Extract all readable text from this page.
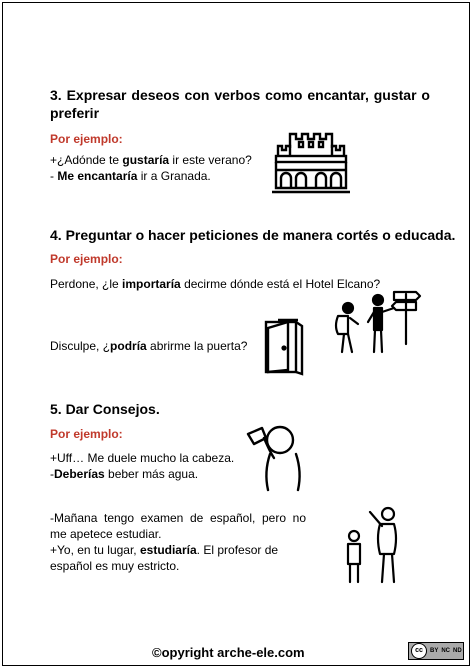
3. Expresar deseos con verbos como encantar, gustar o preferir
Por ejemplo:
+¿Adónde te gustaría ir este verano?
- Me encantaría ir a Granada.
4. Preguntar o hacer peticiones de manera cortés o educada.
Por ejemplo:
Perdone, ¿le importaría decirme dónde está el Hotel Elcano?
Disculpe, ¿podría abrirme la puerta?
5. Dar Consejos.
Por ejemplo:
+Uff… Me duele mucho la cabeza.
-Deberías beber más agua.
-Mañana tengo examen de español, pero no me apetece estudiar.
+Yo, en tu lugar, estudiaría. El profesor de español es muy estricto.
©opyright arche-ele.com	cc	BY NC ND
